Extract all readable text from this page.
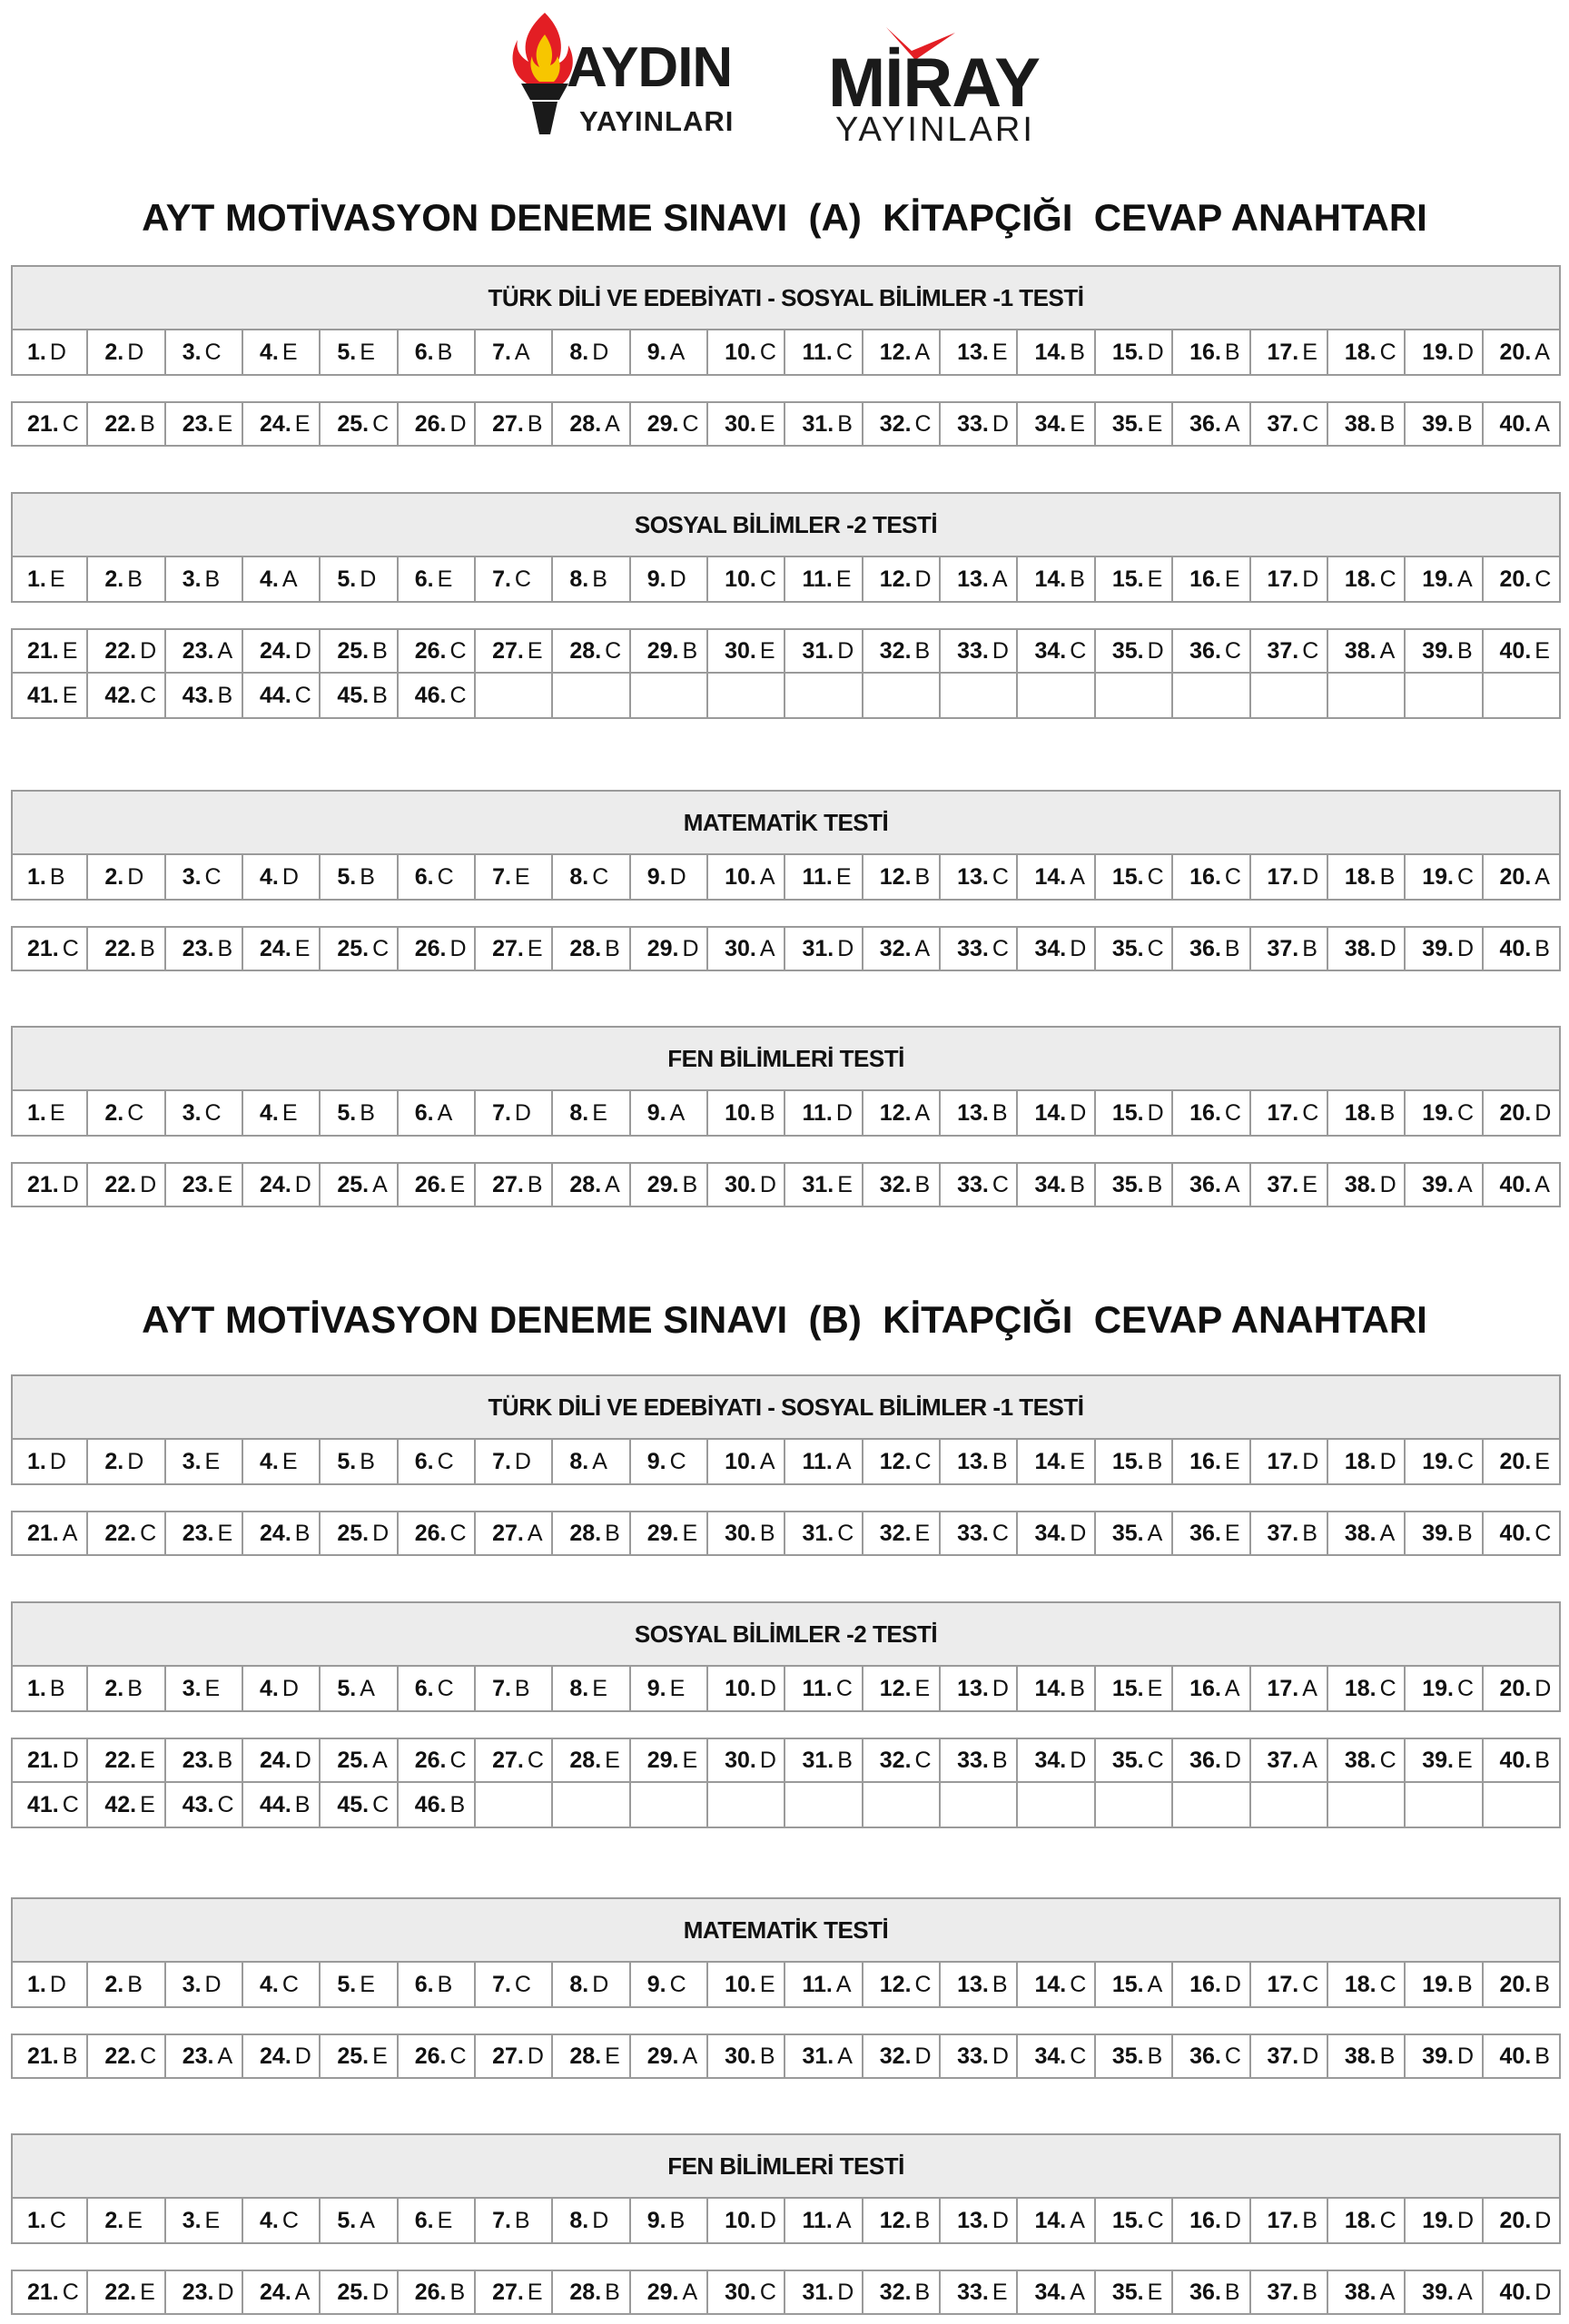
AYDIN
YAYINLARI MİRAY
YAYINLARI
AYT MOTİVASYON DENEME SINAVI  (A)  KİTAPÇIĞI  CEVAP ANAHTARI
TÜRK DİLİ VE EDEBİYATI - SOSYAL BİLİMLER -1 TESTİ
1. D 2. D 3. C 4. E 5. E 6. B 7. A 8. D 9. A 10. C 11. C 12. A 13. E 14. B 15. D 16. B 17. E 18. C 19. D 20. A
21. C 22. B 23. E 24. E 25. C 26. D 27. B 28. A 29. C 30. E 31. B 32. C 33. D 34. E 35. E 36. A 37. C 38. B 39. B 40. A
SOSYAL BİLİMLER -2 TESTİ
1. E 2. B 3. B 4. A 5. D 6. E 7. C 8. B 9. D 10. C 11. E 12. D 13. A 14. B 15. E 16. E 17. D 18. C 19. A 20. C
21. E 22. D 23. A 24. D 25. B 26. C 27. E 28. C 29. B 30. E 31. D 32. B 33. D 34. C 35. D 36. C 37. C 38. A 39. B 40. E
41. E 42. C 43. B 44. C 45. B 46. C
MATEMATİK TESTİ
1. B 2. D 3. C 4. D 5. B 6. C 7. E 8. C 9. D 10. A 11. E 12. B 13. C 14. A 15. C 16. C 17. D 18. B 19. C 20. A
21. C 22. B 23. B 24. E 25. C 26. D 27. E 28. B 29. D 30. A 31. D 32. A 33. C 34. D 35. C 36. B 37. B 38. D 39. D 40. B
FEN BİLİMLERİ TESTİ
1. E 2. C 3. C 4. E 5. B 6. A 7. D 8. E 9. A 10. B 11. D 12. A 13. B 14. D 15. D 16. C 17. C 18. B 19. C 20. D
21. D 22. D 23. E 24. D 25. A 26. E 27. B 28. A 29. B 30. D 31. E 32. B 33. C 34. B 35. B 36. A 37. E 38. D 39. A 40. A
AYT MOTİVASYON DENEME SINAVI  (B)  KİTAPÇIĞI  CEVAP ANAHTARI
TÜRK DİLİ VE EDEBİYATI - SOSYAL BİLİMLER -1 TESTİ
1. D 2. D 3. E 4. E 5. B 6. C 7. D 8. A 9. C 10. A 11. A 12. C 13. B 14. E 15. B 16. E 17. D 18. D 19. C 20. E
21. A 22. C 23. E 24. B 25. D 26. C 27. A 28. B 29. E 30. B 31. C 32. E 33. C 34. D 35. A 36. E 37. B 38. A 39. B 40. C
SOSYAL BİLİMLER -2 TESTİ
1. B 2. B 3. E 4. D 5. A 6. C 7. B 8. E 9. E 10. D 11. C 12. E 13. D 14. B 15. E 16. A 17. A 18. C 19. C 20. D
21. D 22. E 23. B 24. D 25. A 26. C 27. C 28. E 29. E 30. D 31. B 32. C 33. B 34. D 35. C 36. D 37. A 38. C 39. E 40. B
41. C 42. E 43. C 44. B 45. C 46. B
MATEMATİK TESTİ
1. D 2. B 3. D 4. C 5. E 6. B 7. C 8. D 9. C 10. E 11. A 12. C 13. B 14. C 15. A 16. D 17. C 18. C 19. B 20. B
21. B 22. C 23. A 24. D 25. E 26. C 27. D 28. E 29. A 30. B 31. A 32. D 33. D 34. C 35. B 36. C 37. D 38. B 39. D 40. B
FEN BİLİMLERİ TESTİ
1. C 2. E 3. E 4. C 5. A 6. E 7. B 8. D 9. B 10. D 11. A 12. B 13. D 14. A 15. C 16. D 17. B 18. C 19. D 20. D
21. C 22. E 23. D 24. A 25. D 26. B 27. E 28. B 29. A 30. C 31. D 32. B 33. E 34. A 35. E 36. B 37. B 38. A 39. A 40. D
